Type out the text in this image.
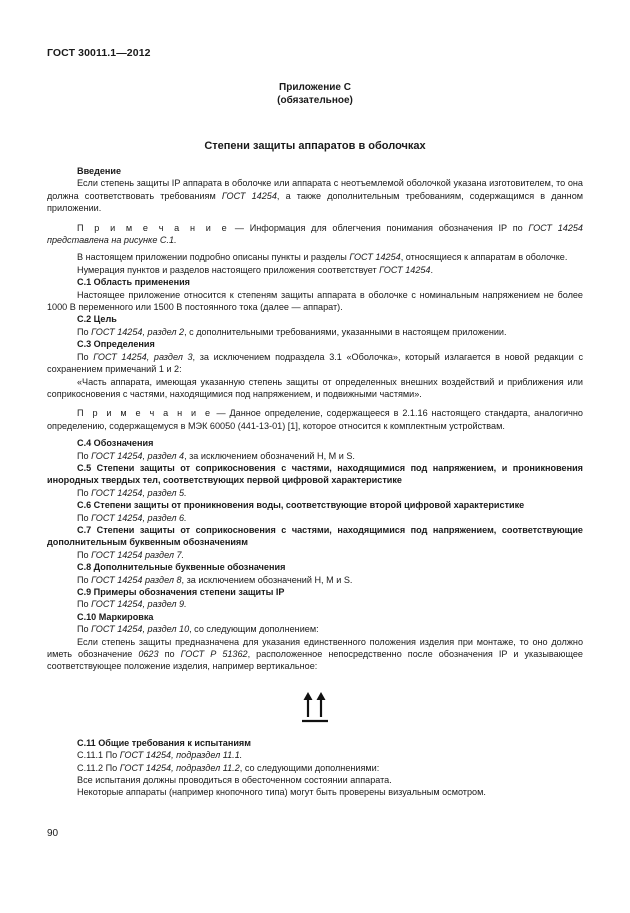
ГОСТ 30011.1—2012
Приложение С
(обязательное)
Степени защиты аппаратов в оболочках

Введение

Если степень защиты IP аппарата в оболочке или аппарата с неотъемлемой оболочкой указана изготовителем, то она должна соответствовать требованиям ГОСТ 14254, а также дополнительным требованиям, содержащимся в данном приложении.

П р и м е ч а н и е — Информация для облегчения понимания обозначения IP по ГОСТ 14254 представлена на рисунке С.1.

В настоящем приложении подробно описаны пункты и разделы ГОСТ 14254, относящиеся к аппаратам в оболочке.

Нумерация пунктов и разделов настоящего приложения соответствует ГОСТ 14254.

С.1 Область применения

Настоящее приложение относится к степеням защиты аппарата в оболочке с номинальным напряжением не более 1000 В переменного или 1500 В постоянного тока (далее — аппарат).

С.2 Цель

По ГОСТ 14254, раздел 2, с дополнительными требованиями, указанными в настоящем приложении.

С.3 Определения

По ГОСТ 14254, раздел 3, за исключением подраздела 3.1 «Оболочка», который излагается в новой редакции с сохранением примечаний 1 и 2:

«Часть аппарата, имеющая указанную степень защиты от определенных внешних воздействий и приближения или соприкосновения с частями, находящимися под напряжением, и подвижными частями».

П р и м е ч а н и е — Данное определение, содержащееся в 2.1.16 настоящего стандарта, аналогично определению, содержащемуся в МЭК 60050 (441-13-01) [1], которое относится к комплектным устройствам.

С.4 Обозначения

По ГОСТ 14254, раздел 4, за исключением обозначений H, M и S.

С.5 Степени защиты от соприкосновения с частями, находящимися под напряжением, и проникновения инородных твердых тел, соответствующих первой цифровой характеристике

По ГОСТ 14254, раздел 5.

С.6 Степени защиты от проникновения воды, соответствующие второй цифровой характеристике

По ГОСТ 14254, раздел 6.

С.7 Степени защиты от соприкосновения с частями, находящимися под напряжением, соответствующие дополнительным буквенным обозначениям

По ГОСТ 14254 раздел 7.

С.8 Дополнительные буквенные обозначения

По ГОСТ 14254 раздел 8, за исключением обозначений H, M и S.

С.9 Примеры обозначения степени защиты IP

По ГОСТ 14254, раздел 9.

С.10 Маркировка

По ГОСТ 14254, раздел 10, со следующим дополнением:

Если степень защиты предназначена для указания единственного положения изделия при монтаже, то оно должно иметь обозначение 0623 по ГОСТ Р 51362, расположенное непосредственно после обозначения IP и указывающее соответствующее положение изделия, например вертикальное:

С.11 Общие требования к испытаниям

С.11.1 По ГОСТ 14254, подраздел 11.1.

С.11.2 По ГОСТ 14254, подраздел 11.2, со следующими дополнениями:

Все испытания должны проводиться в обесточенном состоянии аппарата.

Некоторые аппараты (например кнопочного типа) могут быть проверены визуальным осмотром.

90
